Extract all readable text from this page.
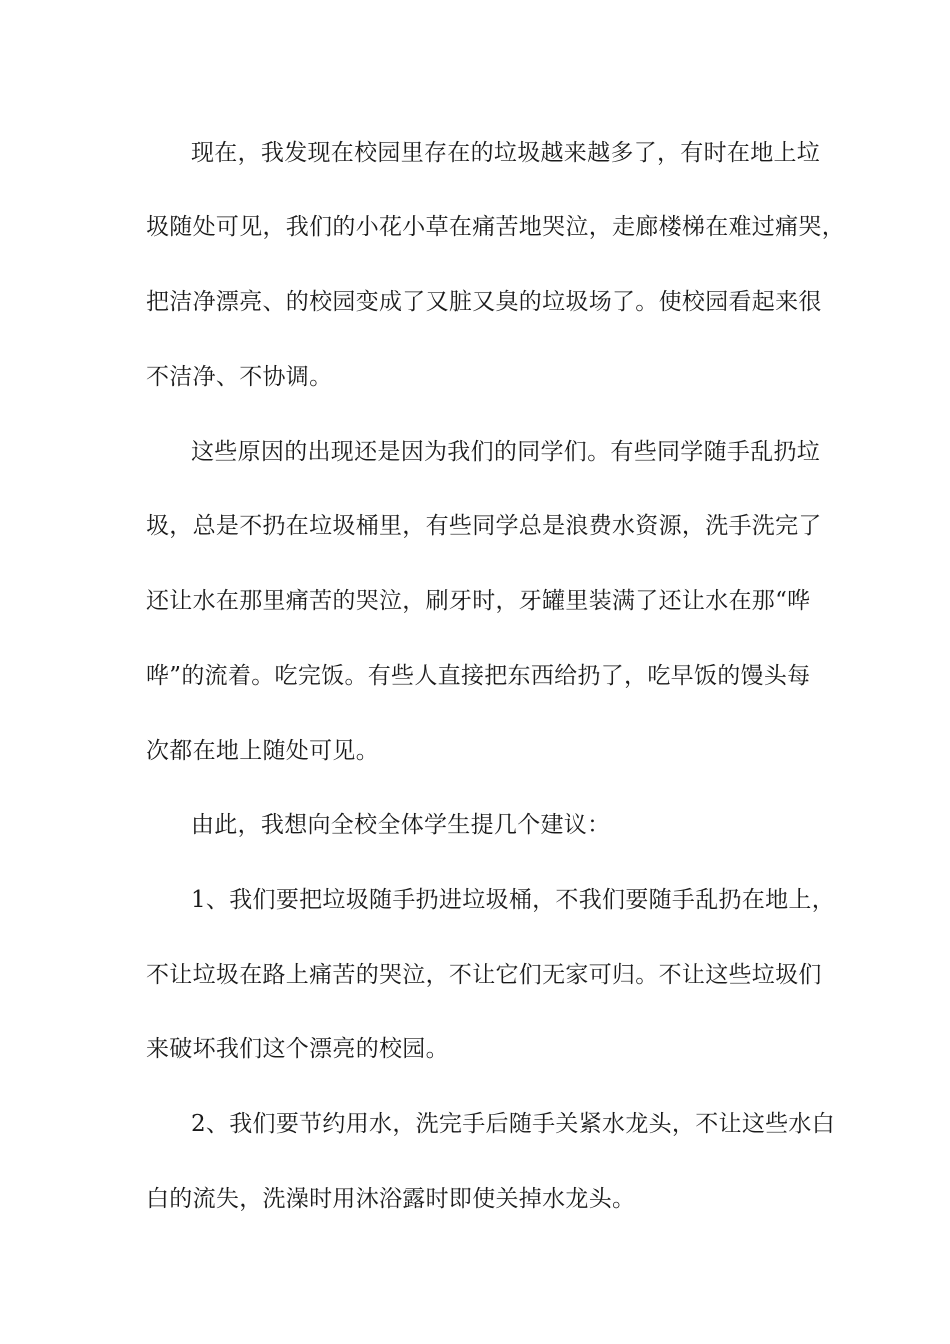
现在，我发现在校园里存在的垃圾越来越多了，有时在地上垃
圾随处可见，我们的小花小草在痛苦地哭泣，走廊楼梯在难过痛哭，
把洁净漂亮、的校园变成了又脏又臭的垃圾场了。使校园看起来很
不洁净、不协调。
这些原因的出现还是因为我们的同学们。有些同学随手乱扔垃
圾，总是不扔在垃圾桶里，有些同学总是浪费水资源，洗手洗完了
还让水在那里痛苦的哭泣，刷牙时，牙罐里装满了还让水在那“哗
哗”的流着。吃完饭。有些人直接把东西给扔了，吃早饭的馒头每
次都在地上随处可见。
由此，我想向全校全体学生提几个建议：
1、我们要把垃圾随手扔进垃圾桶，不我们要随手乱扔在地上，
不让垃圾在路上痛苦的哭泣，不让它们无家可归。不让这些垃圾们
来破坏我们这个漂亮的校园。
2、我们要节约用水，洗完手后随手关紧水龙头，不让这些水白
白的流失，洗澡时用沐浴露时即使关掉水龙头。
